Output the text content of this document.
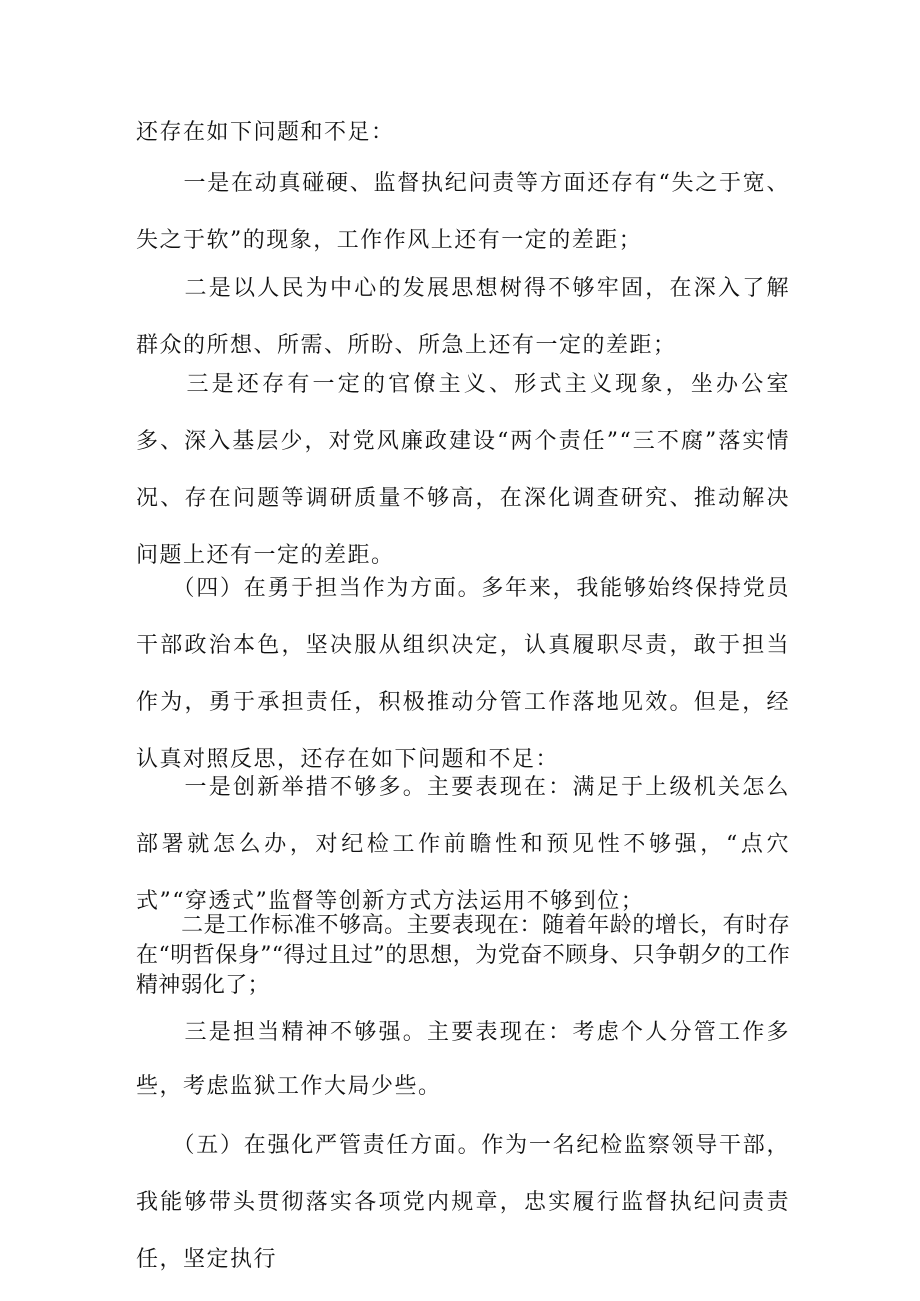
还存在如下问题和不足：

　　一是在动真碰硬、监督执纪问责等方面还存有“失之于宽、失之于软”的现象，工作作风上还有一定的差距；

　　二是以人民为中心的发展思想树得不够牢固，在深入了解群众的所想、所需、所盼、所急上还有一定的差距；

　　三是还存有一定的官僚主义、形式主义现象，坐办公室多、深入基层少，对党风廉政建设“两个责任”“三不腐”落实情况、存在问题等调研质量不够高，在深化调查研究、推动解决问题上还有一定的差距。

　　（四）在勇于担当作为方面。多年来，我能够始终保持党员干部政治本色，坚决服从组织决定，认真履职尽责，敢于担当作为，勇于承担责任，积极推动分管工作落地见效。但是，经认真对照反思，还存在如下问题和不足：

　　一是创新举措不够多。主要表现在：满足于上级机关怎么部署就怎么办，对纪检工作前瞻性和预见性不够强，“点穴式”“穿透式”监督等创新方式方法运用不够到位；

　　二是工作标准不够高。主要表现在：随着年龄的增长，有时存在“明哲保身”“得过且过”的思想，为党奋不顾身、只争朝夕的工作精神弱化了；

　　三是担当精神不够强。主要表现在：考虑个人分管工作多些，考虑监狱工作大局少些。

　　（五）在强化严管责任方面。作为一名纪检监察领导干部，我能够带头贯彻落实各项党内规章，忠实履行监督执纪问责责任，坚定执行
